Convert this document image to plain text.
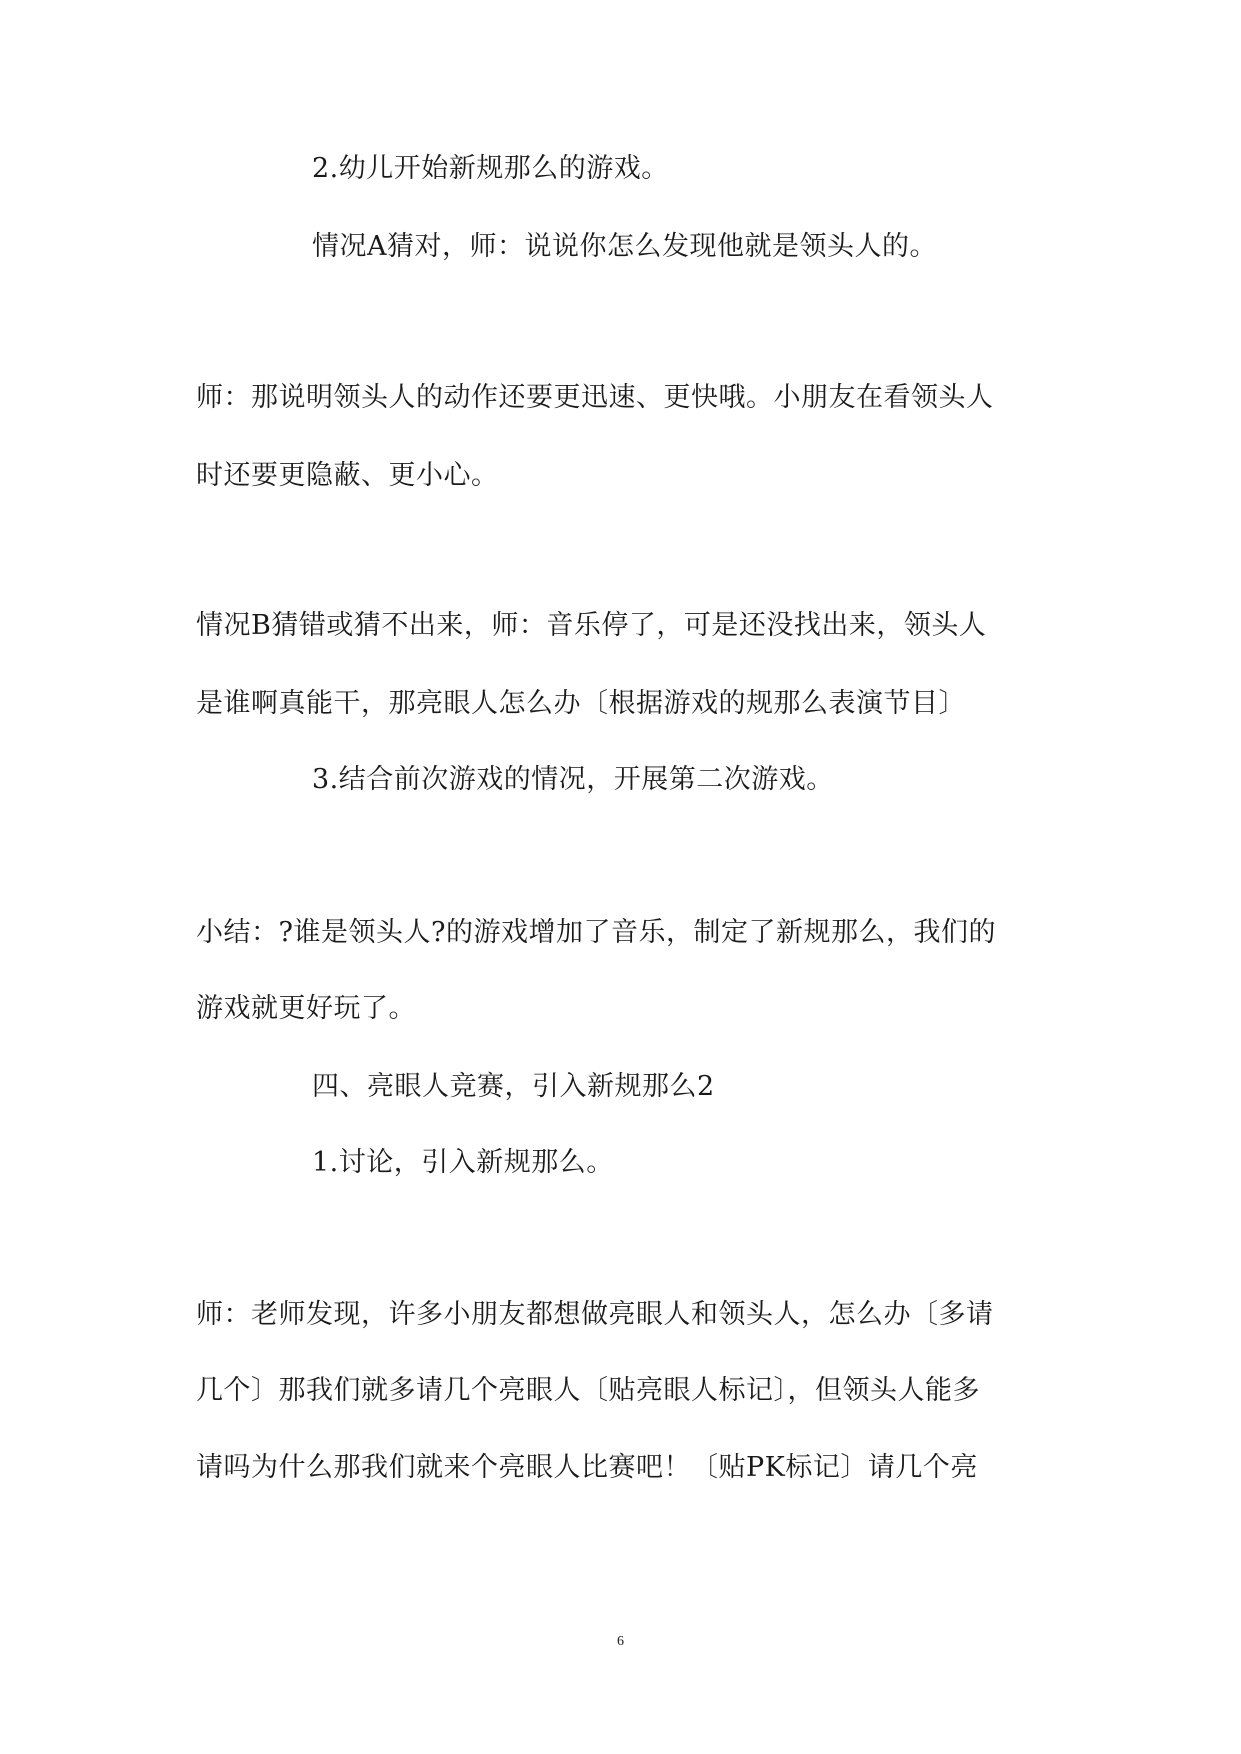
2.幼儿开始新规那么的游戏。
情况A猜对，师：说说你怎么发现他就是领头人的。
师：那说明领头人的动作还要更迅速、更快哦。小朋友在看领头人
时还要更隐蔽、更小心。
情况B猜错或猜不出来，师：音乐停了，可是还没找出来，领头人
是谁啊真能干，那亮眼人怎么办〔根据游戏的规那么表演节目〕
3.结合前次游戏的情况，开展第二次游戏。
小结：?谁是领头人?的游戏增加了音乐，制定了新规那么，我们的
游戏就更好玩了。
四、亮眼人竞赛，引入新规那么2
1.讨论，引入新规那么。
师：老师发现，许多小朋友都想做亮眼人和领头人，怎么办〔多请
几个〕那我们就多请几个亮眼人〔贴亮眼人标记〕，但领头人能多
请吗为什么那我们就来个亮眼人比赛吧！〔贴PK标记〕请几个亮
6
